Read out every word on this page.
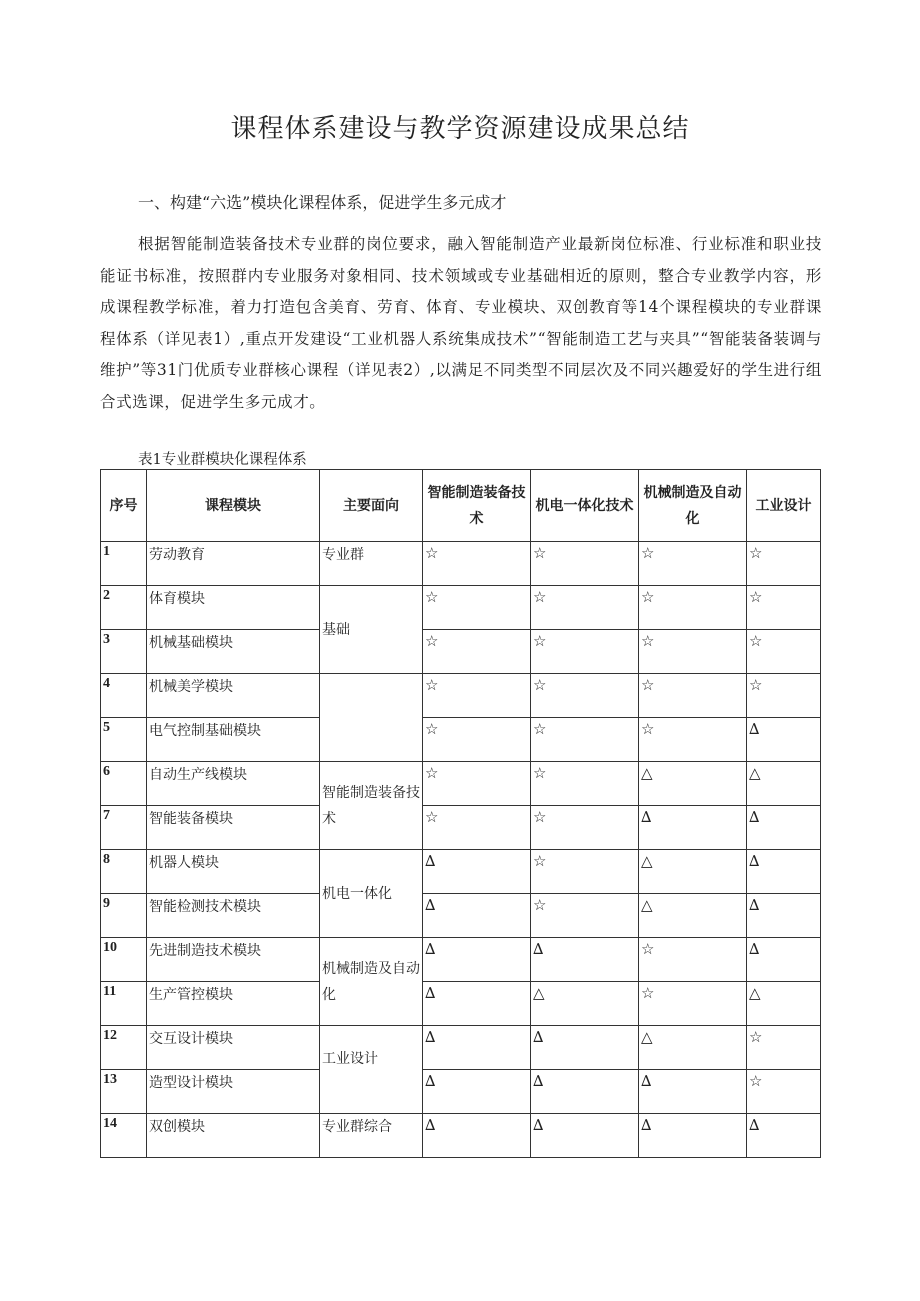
课程体系建设与教学资源建设成果总结
一、构建“六选”模块化课程体系，促进学生多元成才
根据智能制造装备技术专业群的岗位要求，融入智能制造产业最新岗位标准、行业标准和职业技能证书标准，按照群内专业服务对象相同、技术领域或专业基础相近的原则，整合专业教学内容，形成课程教学标准，着力打造包含美育、劳育、体育、专业模块、双创教育等14个课程模块的专业群课程体系（详见表1）,重点开发建设“工业机器人系统集成技术”“智能制造工艺与夹具”“智能装备装调与维护”等31门优质专业群核心课程（详见表2）,以满足不同类型不同层次及不同兴趣爱好的学生进行组合式选课，促进学生多元成才。
表1专业群模块化课程体系
序号	课程模块	主要面向	智能制造装备技术	机电一体化技术	机械制造及自动化	工业设计
1	劳动教育	专业群	☆	☆	☆	☆
2	体育模块	基础	☆	☆	☆	☆
3	机械基础模块		☆	☆	☆	☆
4	机械美学模块		☆	☆	☆	☆
5	电气控制基础模块		☆	☆	☆	∆
6	自动生产线模块	智能制造装备技术	☆	☆	△	△
7	智能装备模块		☆	☆	∆	∆
8	机器人模块	机电一体化	∆	☆	△	∆
9	智能检测技术模块		∆	☆	△	∆
10	先进制造技术模块	机械制造及自动化	∆	∆	☆	∆
11	生产管控模块		∆	△	☆	△
12	交互设计模块	工业设计	∆	∆	△	☆
13	造型设计模块		∆	∆	∆	☆
14	双创模块	专业群综合	∆	∆	∆	∆
